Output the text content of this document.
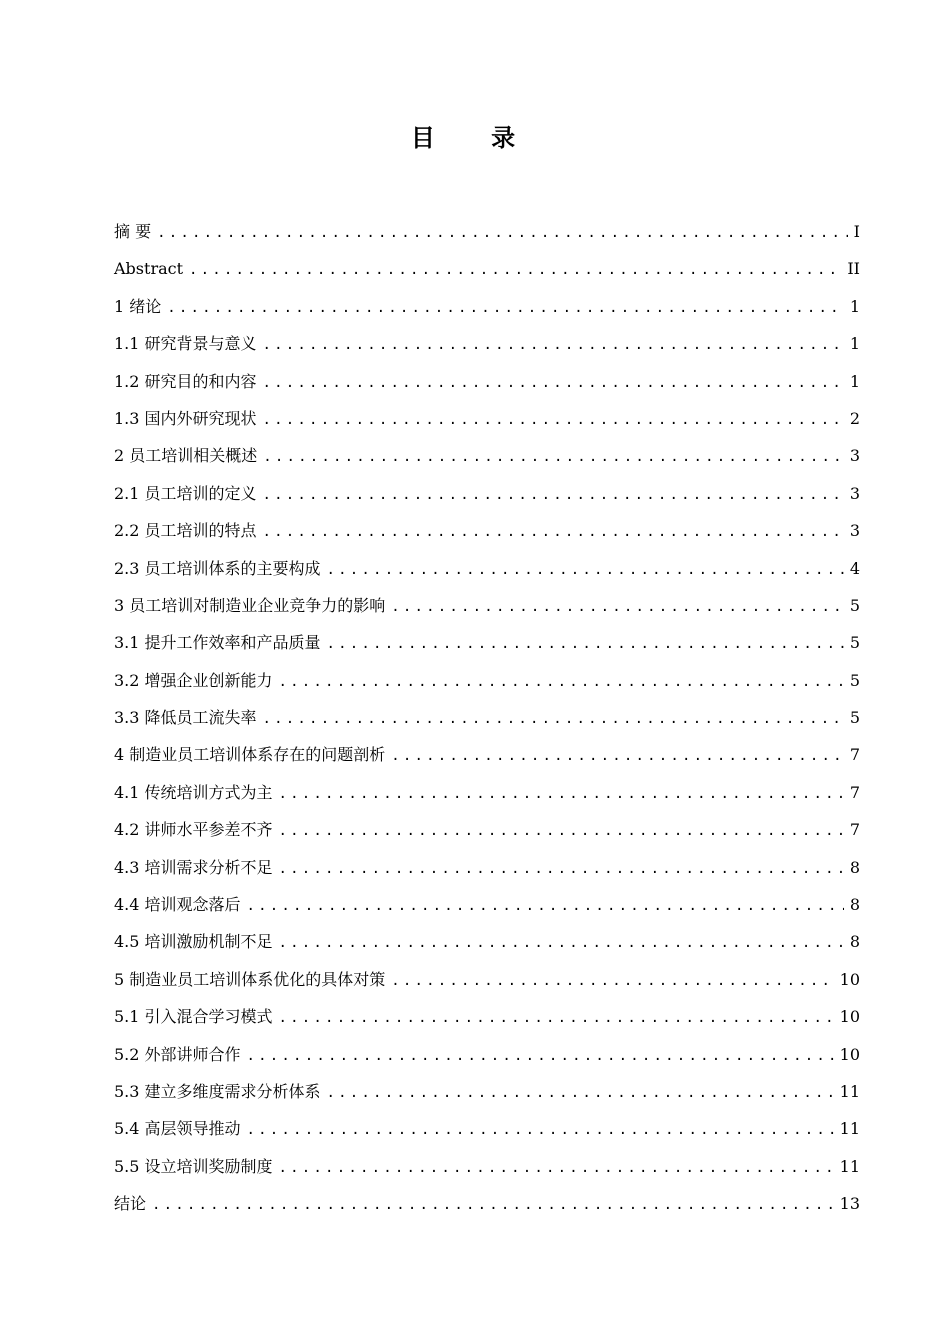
目 录
摘 要 .....	I
Abstract .....	II
1 绪论 .....	1
1.1 研究背景与意义 .....	1
1.2 研究目的和内容 .....	1
1.3 国内外研究现状 .....	2
2 员工培训相关概述 .....	3
2.1 员工培训的定义 .....	3
2.2 员工培训的特点 .....	3
2.3 员工培训体系的主要构成 .....	4
3 员工培训对制造业企业竞争力的影响 .....	5
3.1 提升工作效率和产品质量 .....	5
3.2 增强企业创新能力 .....	5
3.3 降低员工流失率 .....	5
4 制造业员工培训体系存在的问题剖析 .....	7
4.1 传统培训方式为主 .....	7
4.2 讲师水平参差不齐 .....	7
4.3 培训需求分析不足 .....	8
4.4 培训观念落后 .....	8
4.5 培训激励机制不足 .....	8
5 制造业员工培训体系优化的具体对策 .....	10
5.1 引入混合学习模式 .....	10
5.2 外部讲师合作 .....	10
5.3 建立多维度需求分析体系 .....	11
5.4 高层领导推动 .....	11
5.5 设立培训奖励制度 .....	11
结论 .....	13
